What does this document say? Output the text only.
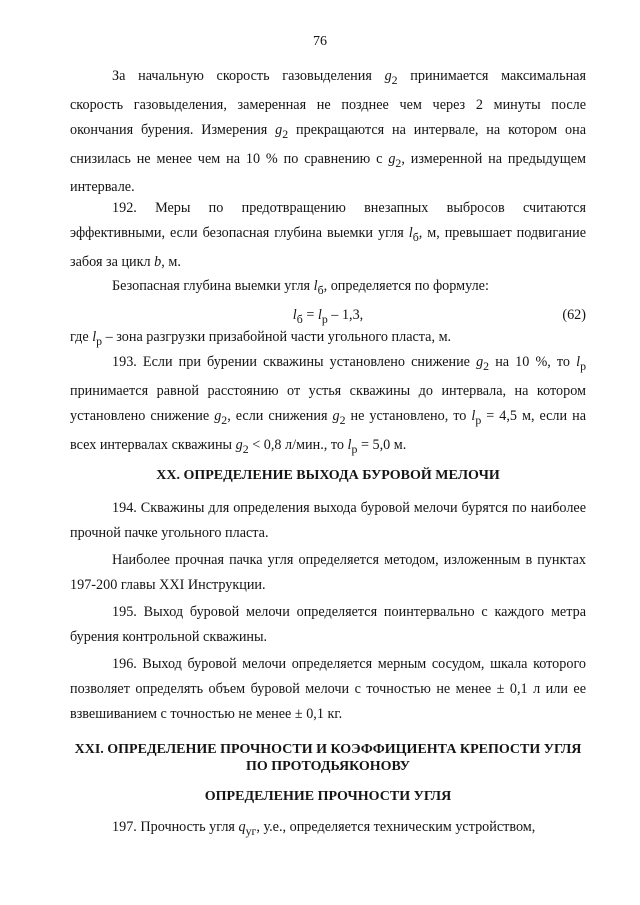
76

За начальную скорость газовыделения $g_2$ принимается максимальная скорость газовыделения, замеренная не позднее чем через 2 минуты после окончания бурения. Измерения $g_2$ прекращаются на интервале, на котором она снизилась не менее чем на 10 % по сравнению с $g_2$, измеренной на предыдущем интервале.

192. Меры по предотвращению внезапных выбросов считаются эффективными, если безопасная глубина выемки угля $l_б$, м, превышает подвигание забоя за цикл b, м.

Безопасная глубина выемки угля $l_б$, определяется по формуле:

$l_б = l_р - 1,3$,	(62)

где $l_р$ – зона разгрузки призабойной части угольного пласта, м.

193. Если при бурении скважины установлено снижение $g_2$ на 10 %, то $l_р$ принимается равной расстоянию от устья скважины до интервала, на котором установлено снижение $g_2$, если снижения $g_2$ не установлено, то $l_р = 4,5$ м, если на всех интервалах скважины $g_2 < 0,8$ л/мин., то $l_р = 5,0$ м.

XX. ОПРЕДЕЛЕНИЕ ВЫХОДА БУРОВОЙ МЕЛОЧИ

194. Скважины для определения выхода буровой мелочи бурятся по наиболее прочной пачке угольного пласта.

Наиболее прочная пачка угля определяется методом, изложенным в пунктах 197-200 главы XXI Инструкции.

195. Выход буровой мелочи определяется поинтервально с каждого метра бурения контрольной скважины.

196. Выход буровой мелочи определяется мерным сосудом, шкала которого позволяет определять объем буровой мелочи с точностью не менее ± 0,1 л или ее взвешиванием с точностью не менее ± 0,1 кг.

XXI. ОПРЕДЕЛЕНИЕ ПРОЧНОСТИ И КОЭФФИЦИЕНТА КРЕПОСТИ УГЛЯ
ПО ПРОТОДЬЯКОНОВУ
ОПРЕДЕЛЕНИЕ ПРОЧНОСТИ УГЛЯ

197. Прочность угля $q_{уг}$, у.е., определяется техническим устройством,
